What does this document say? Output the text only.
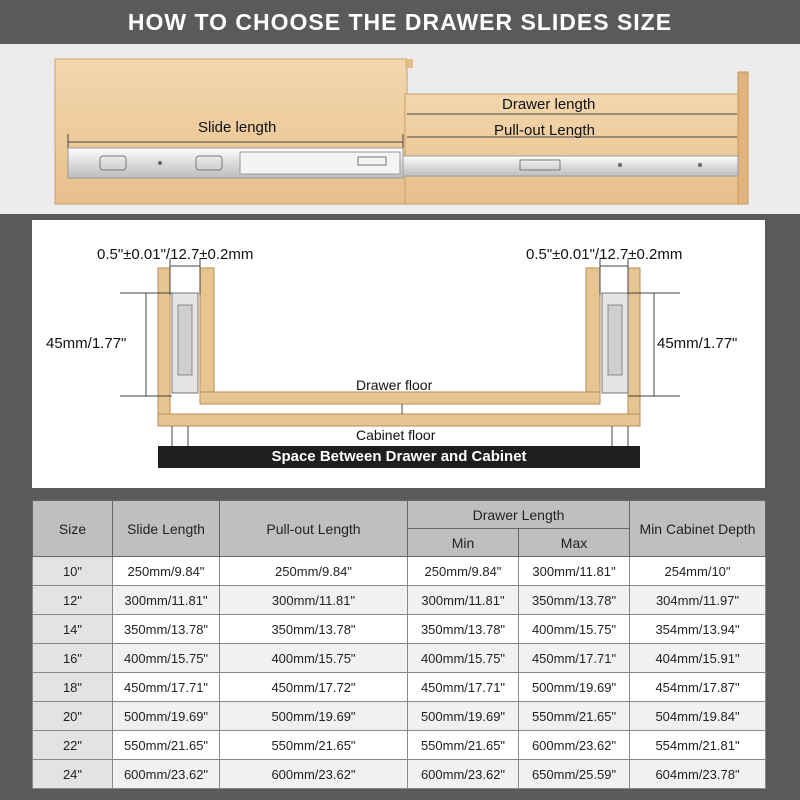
HOW TO CHOOSE THE DRAWER SLIDES SIZE
Drawer length
Pull-out Length
Slide length
0.5"±0.01"/12.7±0.2mm	0.5"±0.01"/12.7±0.2mm
45mm/1.77"	45mm/1.77"
Drawer floor
Cabinet floor
Space Between Drawer and Cabinet
Size	Slide Length	Pull-out Length	Drawer Length		Min Cabinet Depth
			Min	Max	
10"	250mm/9.84"	250mm/9.84"	250mm/9.84"	300mm/11.81"	254mm/10"
12"	300mm/11.81"	300mm/11.81"	300mm/11.81"	350mm/13.78"	304mm/11.97"
14"	350mm/13.78"	350mm/13.78"	350mm/13.78"	400mm/15.75"	354mm/13.94"
16"	400mm/15.75"	400mm/15.75"	400mm/15.75"	450mm/17.71"	404mm/15.91"
18"	450mm/17.71"	450mm/17.72"	450mm/17.71"	500mm/19.69"	454mm/17.87"
20"	500mm/19.69"	500mm/19.69"	500mm/19.69"	550mm/21.65"	504mm/19.84"
22"	550mm/21.65"	550mm/21.65"	550mm/21.65"	600mm/23.62"	554mm/21.81"
24"	600mm/23.62"	600mm/23.62"	600mm/23.62"	650mm/25.59"	604mm/23.78"
